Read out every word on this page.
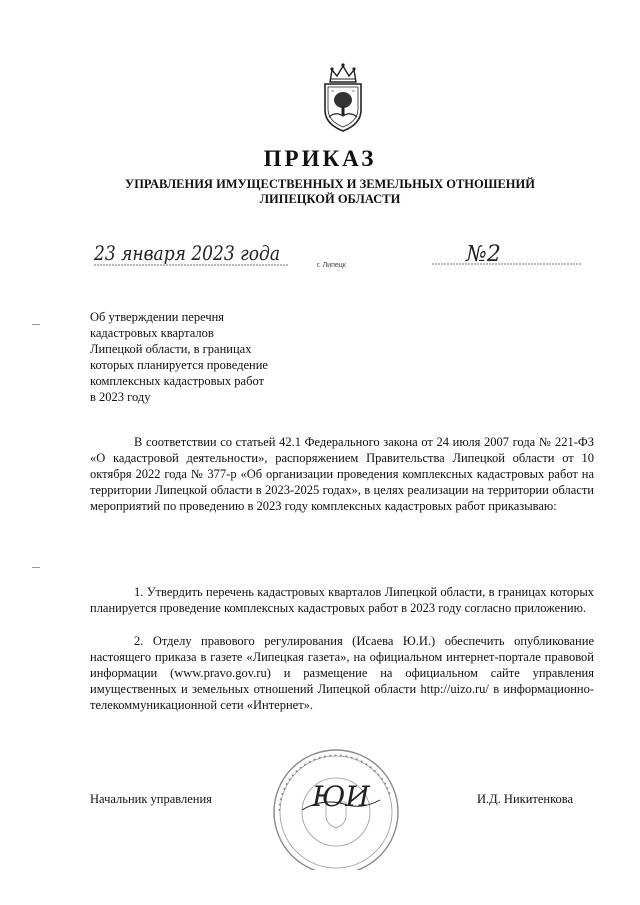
ПРИКАЗ
УПРАВЛЕНИЯ ИМУЩЕСТВЕННЫХ И ЗЕМЕЛЬНЫХ ОТНОШЕНИЙ
ЛИПЕЦКОЙ ОБЛАСТИ
23 января 2023 года
г. Липецк	№2
Об утверждении перечня
кадастровых кварталов
Липецкой области, в границах
которых планируется проведение
комплексных кадастровых работ
в 2023 году
В соответствии со статьей 42.1 Федерального закона от 24 июля 2007 года № 221-ФЗ «О кадастровой деятельности», распоряжением Правительства Липецкой области от 10 октября 2022 года № 377-р «Об организации проведения комплексных кадастровых работ на территории Липецкой области в 2023-2025 годах», в целях реализации на территории области мероприятий по проведению в 2023 году комплексных кадастровых работ приказываю:
1. Утвердить перечень кадастровых кварталов Липецкой области, в границах которых планируется проведение комплексных кадастровых работ в 2023 году согласно приложению.
2. Отделу правового регулирования (Исаева Ю.И.) обеспечить опубликование настоящего приказа в газете «Липецкая газета», на официальном интернет-портале правовой информации (www.pravo.gov.ru) и размещение на официальном сайте управления имущественных и земельных отношений Липецкой области http://uizo.ru/ в информационно-телекоммуникационной сети «Интернет».
••••••••••••••••••••••••••••••
ЮИ
Начальник управления	И.Д. Никитенкова
